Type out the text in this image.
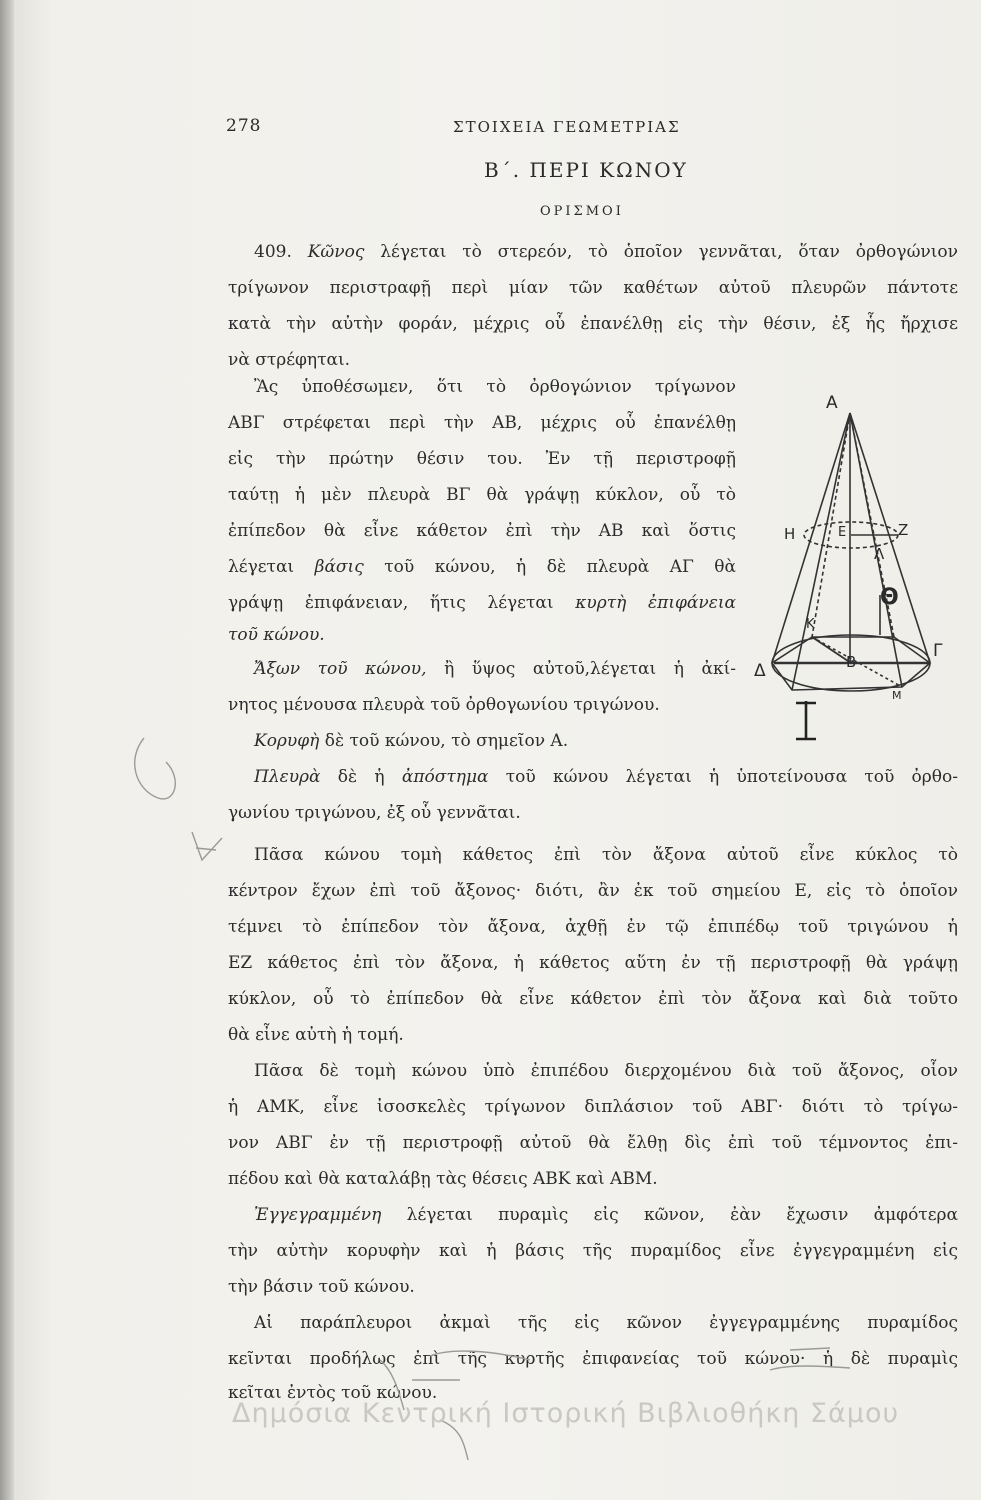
278	ΣΤΟΙΧΕΙΑ ΓΕΩΜΕΤΡΙΑΣ
Β΄. ΠΕΡΙ ΚΩΝΟΥ
ΟΡΙΣΜΟΙ

409. Κῶνος λέγεται τὸ στερεόν, τὸ ὁποῖον γεννᾶται, ὅταν ὀρθογώνιον

τρίγωνον περιστραφῇ περὶ μίαν τῶν καθέτων αὐτοῦ πλευρῶν πάντοτε

κατὰ τὴν αὐτὴν φοράν, μέχρις οὗ ἐπανέλθῃ εἰς τὴν θέσιν, ἐξ ἧς ἤρχισε

νὰ στρέφηται.

Ἂς ὑποθέσωμεν, ὅτι τὸ ὀρθογώνιον τρίγωνον

ΑΒΓ στρέφεται περὶ τὴν ΑΒ, μέχρις οὗ ἐπανέλθῃ

εἰς τὴν πρώτην θέσιν του. Ἐν τῇ περιστροφῇ

ταύτῃ ἡ μὲν πλευρὰ ΒΓ θὰ γράψῃ κύκλον, οὗ τὸ

ἐπίπεδον θὰ εἶνε κάθετον ἐπὶ τὴν ΑΒ καὶ ὅστις

λέγεται βάσις τοῦ κώνου, ἡ δὲ πλευρὰ ΑΓ θὰ

γράψῃ ἐπιφάνειαν, ἥτις λέγεται κυρτὴ ἐπιφάνεια

τοῦ κώνου.

Ἄξων τοῦ κώνου, ἢ ὕψος αὐτοῦ,λέγεται ἡ ἀκί-

νητος μένουσα πλευρὰ τοῦ ὀρθογωνίου τριγώνου.

Κορυφὴ δὲ τοῦ κώνου, τὸ σημεῖον Α.

Πλευρὰ δὲ ἡ ἀπόστημα τοῦ κώνου λέγεται ἡ ὑποτείνουσα τοῦ ὀρθο-

γωνίου τριγώνου, ἐξ οὗ γεννᾶται.

Πᾶσα κώνου τομὴ κάθετος ἐπὶ τὸν ἄξονα αὐτοῦ εἶνε κύκλος τὸ

κέντρον ἔχων ἐπὶ τοῦ ἄξονος· διότι, ἂν ἐκ τοῦ σημείου Ε, εἰς τὸ ὁποῖον

τέμνει τὸ ἐπίπεδον τὸν ἄξονα, ἀχθῇ ἐν τῷ ἐπιπέδῳ τοῦ τριγώνου ἡ

ΕΖ κάθετος ἐπὶ τὸν ἄξονα, ἡ κάθετος αὕτη ἐν τῇ περιστροφῇ θὰ γράψῃ

κύκλον, οὗ τὸ ἐπίπεδον θὰ εἶνε κάθετον ἐπὶ τὸν ἄξονα καὶ διὰ τοῦτο

θὰ εἶνε αὐτὴ ἡ τομή.

Πᾶσα δὲ τομὴ κώνου ὑπὸ ἐπιπέδου διερχομένου διὰ τοῦ ἄξονος, οἷον

ἡ ΑΜΚ, εἶνε ἰσοσκελὲς τρίγωνον διπλάσιον τοῦ ΑΒΓ· διότι τὸ τρίγω-

νον ΑΒΓ ἐν τῇ περιστροφῇ αὐτοῦ θὰ ἔλθῃ δὶς ἐπὶ τοῦ τέμνοντος ἐπι-

πέδου καὶ θὰ καταλάβῃ τὰς θέσεις ΑΒΚ καὶ ΑΒΜ.

Ἐγγεγραμμένη λέγεται πυραμὶς εἰς κῶνον, ἐὰν ἔχωσιν ἀμφότερα

τὴν αὐτὴν κορυφὴν καὶ ἡ βάσις τῆς πυραμίδος εἶνε ἐγγεγραμμένη εἰς

τὴν βάσιν τοῦ κώνου.

Αἱ παράπλευροι ἀκμαὶ τῆς εἰς κῶνον ἐγγεγραμμένης πυραμίδος

κεῖνται προδήλως ἐπὶ τῆς κυρτῆς ἐπιφανείας τοῦ κώνου· ἡ δὲ πυραμὶς

κεῖται ἐντὸς τοῦ κώνου.

Α
Δ
Γ
Β
Ε
Η	Ζ
Λ
Θ
Κ
Μ
Δημόσια Κεντρική Ιστορική Βιβλιοθήκη Σάμου
